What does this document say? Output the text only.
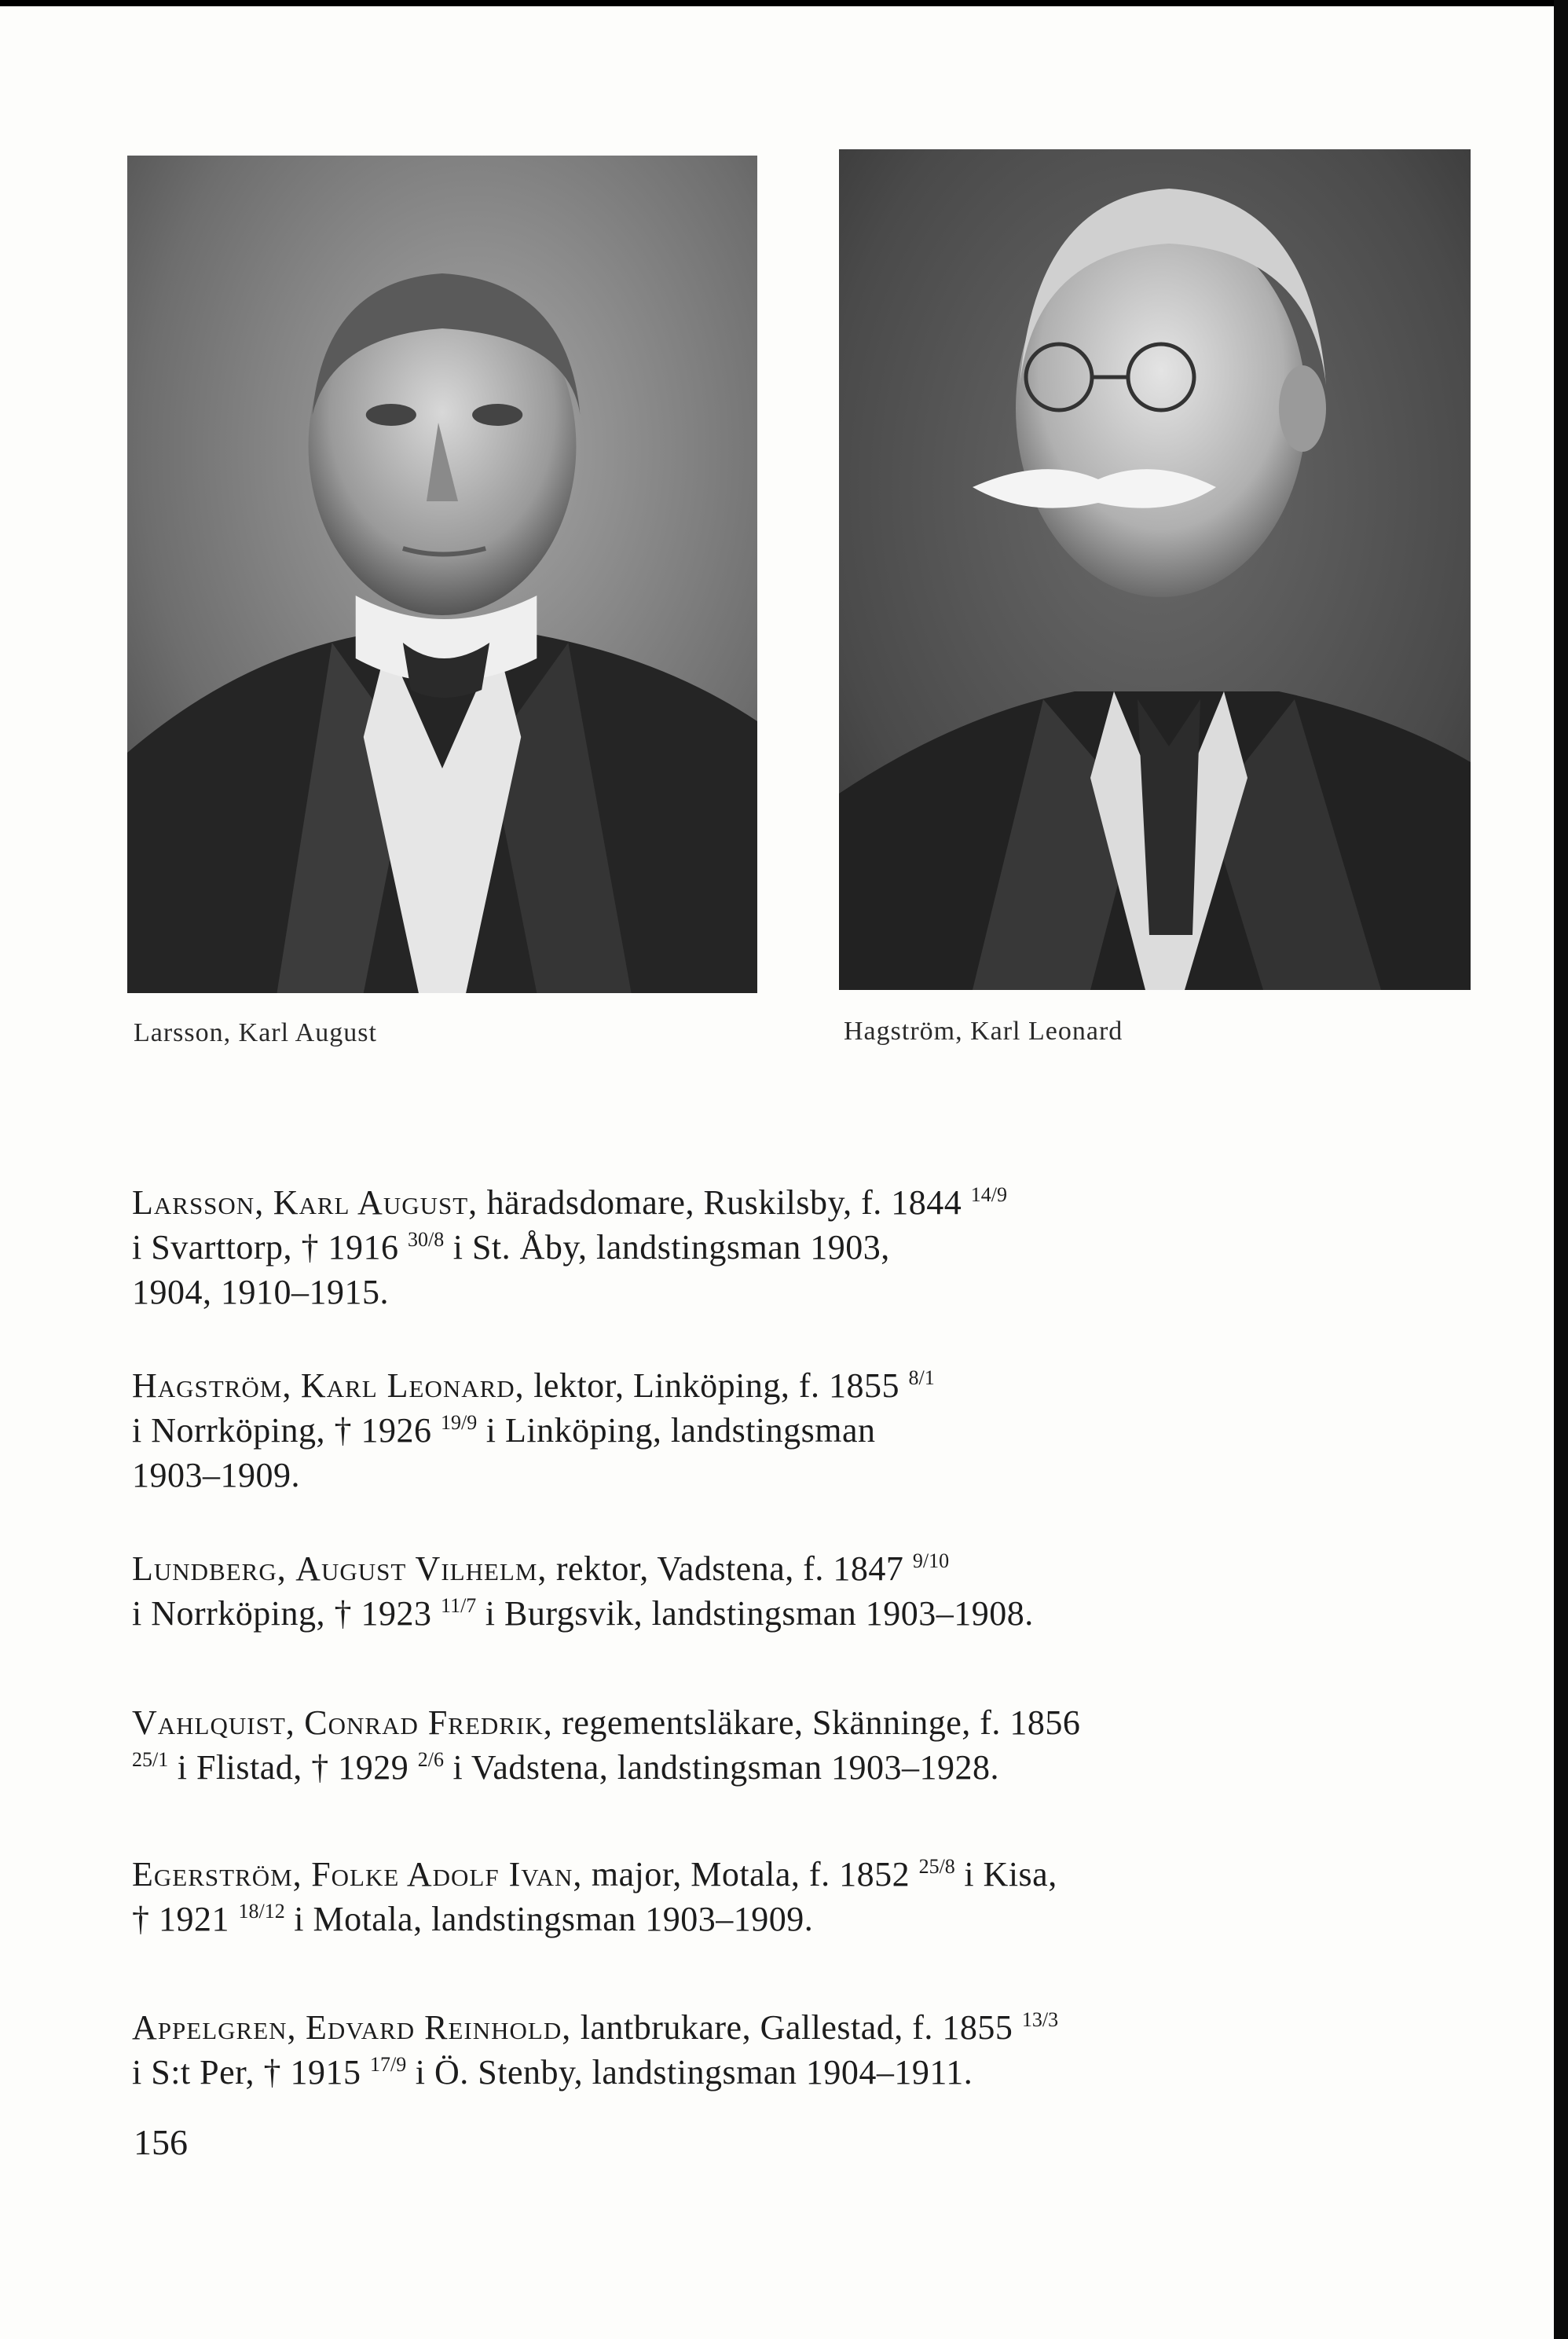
Larsson, Karl August	Hagström, Karl Leonard
Larsson, Karl August, häradsdomare, Ruskilsby, f. 1844 $^{14/9}$
i Svarttorp, † 1916 $^{30/8}$ i St. Åby, landstingsman 1903,
1904, 1910–1915.
Hagström, Karl Leonard, lektor, Linköping, f. 1855 $^{8/1}$
i Norrköping, † 1926 $^{19/9}$ i Linköping, landstingsman
1903–1909.
Lundberg, August Vilhelm, rektor, Vadstena, f. 1847 $^{9/10}$
i Norrköping, † 1923 $^{11/7}$ i Burgsvik, landstingsman 1903–1908.
Vahlquist, Conrad Fredrik, regementsläkare, Skänninge, f. 1856
$^{25/1}$ i Flistad, † 1929 $^{2/6}$ i Vadstena, landstingsman 1903–1928.
Egerström, Folke Adolf Ivan, major, Motala, f. 1852 $^{25/8}$ i Kisa,
† 1921 $^{18/12}$ i Motala, landstingsman 1903–1909.
Appelgren, Edvard Reinhold, lantbrukare, Gallestad, f. 1855 $^{13/3}$
i S:t Per, † 1915 $^{17/9}$ i Ö. Stenby, landstingsman 1904–1911.
156
